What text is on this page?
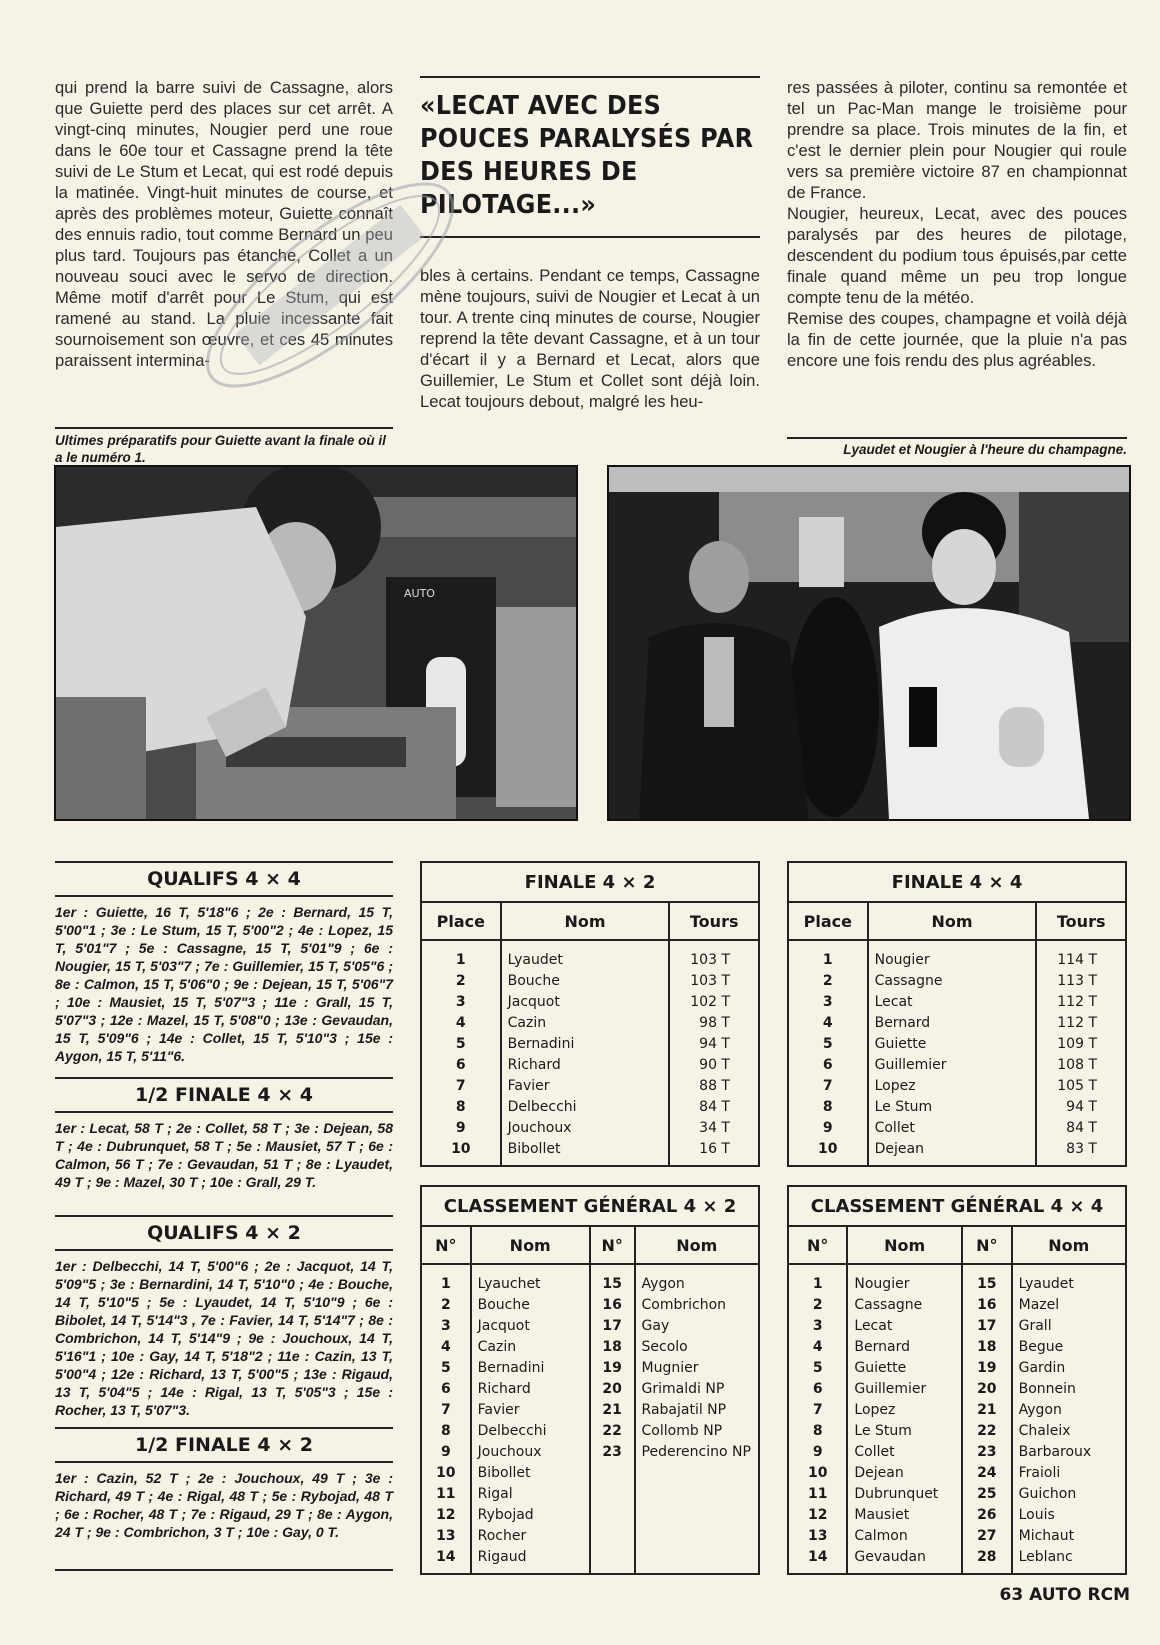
qui prend la barre suivi de Cassagne, alors que Guiette perd des places sur cet arrêt. A vingt-cinq minutes, Nougier perd une roue dans le 60e tour et Cassagne prend la tête suivi de Le Stum et Lecat, qui est rodé depuis la matinée. Vingt-huit minutes de course, et après des problèmes moteur, Guiette connaît des ennuis radio, tout comme Bernard un peu plus tard. Toujours pas étanche, Collet a un nouveau souci avec le servo de direction. Même motif d'arrêt pour Le Stum, qui est ramené au stand. La pluie incessante fait sournoisement son œuvre, et ces 45 minutes paraissent intermina-
«LECAT AVEC DES POUCES PARALYSÉS PAR DES HEURES DE PILOTAGE...»
bles à certains. Pendant ce temps, Cassagne mène toujours, suivi de Nougier et Lecat à un tour. A trente cinq minutes de course, Nougier reprend la tête devant Cassagne, et à un tour d'écart il y a Bernard et Lecat, alors que Guillemier, Le Stum et Collet sont déjà loin. Lecat toujours debout, malgré les heu-

res passées à piloter, continu sa remontée et tel un Pac-Man mange le troisième pour prendre sa place. Trois minutes de la fin, et c'est le dernier plein pour Nougier qui roule vers sa première victoire 87 en championnat de France.

Nougier, heureux, Lecat, avec des pouces paralysés par des heures de pilotage, descendent du podium tous épuisés,par cette finale quand même un peu trop longue compte tenu de la météo.

Remise des coupes, champagne et voilà déjà la fin de cette journée, que la pluie n'a pas encore une fois rendu des plus agréables.

Ultimes préparatifs pour Guiette avant la finale où il a le numéro 1.
Lyaudet et Nougier à l'heure du champagne.
AUTO
QUALIFS 4 × 4
1er : Guiette, 16 T, 5'18"6 ; 2e : Bernard, 15 T, 5'00"1 ; 3e : Le Stum, 15 T, 5'00"2 ; 4e : Lopez, 15 T, 5'01"7 ; 5e : Cassagne, 15 T, 5'01"9 ; 6e : Nougier, 15 T, 5'03"7 ; 7e : Guillemier, 15 T, 5'05"6 ; 8e : Calmon, 15 T, 5'06"0 ; 9e : Dejean, 15 T, 5'06"7 ; 10e : Mausiet, 15 T, 5'07"3 ; 11e : Grall, 15 T, 5'07"3 ; 12e : Mazel, 15 T, 5'08"0 ; 13e : Gevaudan, 15 T, 5'09"6 ; 14e : Collet, 15 T, 5'10"3 ; 15e : Aygon, 15 T, 5'11"6.
1/2 FINALE 4 × 4
1er : Lecat, 58 T ; 2e : Collet, 58 T ; 3e : Dejean, 58 T ; 4e : Dubrunquet, 58 T ; 5e : Mausiet, 57 T ; 6e : Calmon, 56 T ; 7e : Gevaudan, 51 T ; 8e : Lyaudet, 49 T ; 9e : Mazel, 30 T ; 10e : Grall, 29 T.
QUALIFS 4 × 2
1er : Delbecchi, 14 T, 5'00"6 ; 2e : Jacquot, 14 T, 5'09"5 ; 3e : Bernardini, 14 T, 5'10"0 ; 4e : Bouche, 14 T, 5'10"5 ; 5e : Lyaudet, 14 T, 5'10"9 ; 6e : Bibolet, 14 T, 5'14"3 , 7e : Favier, 14 T, 5'14"7 ; 8e : Combrichon, 14 T, 5'14"9 ; 9e : Jouchoux, 14 T, 5'16"1 ; 10e : Gay, 14 T, 5'18"2 ; 11e : Cazin, 13 T, 5'00"4 ; 12e : Richard, 13 T, 5'00"5 ; 13e : Rigaud, 13 T, 5'04"5 ; 14e : Rigal, 13 T, 5'05"3 ; 15e : Rocher, 13 T, 5'07"3.
1/2 FINALE 4 × 2
1er : Cazin, 52 T ; 2e : Jouchoux, 49 T ; 3e : Richard, 49 T ; 4e : Rigal, 48 T ; 5e : Rybojad, 48 T ; 6e : Rocher, 48 T ; 7e : Rigaud, 29 T ; 8e : Aygon, 24 T ; 9e : Combrichon, 3 T ; 10e : Gay, 0 T.
FINALE 4 × 2		
Place	Nom	Tours
1	Lyaudet	103 T
2	Bouche	103 T
3	Jacquot	102 T
4	Cazin	98 T
5	Bernadini	94 T
6	Richard	90 T
7	Favier	88 T
8	Delbecchi	84 T
9	Jouchoux	34 T
10	Bibollet	16 T
FINALE 4 × 4		
Place	Nom	Tours
1	Nougier	114 T
2	Cassagne	113 T
3	Lecat	112 T
4	Bernard	112 T
5	Guiette	109 T
6	Guillemier	108 T
7	Lopez	105 T
8	Le Stum	94 T
9	Collet	84 T
10	Dejean	83 T
CLASSEMENT GÉNÉRAL 4 × 2			
N°	Nom	N°	Nom
1	Lyauchet	15	Aygon
2	Bouche	16	Combrichon
3	Jacquot	17	Gay
4	Cazin	18	Secolo
5	Bernadini	19	Mugnier
6	Richard	20	Grimaldi NP
7	Favier	21	Rabajatil NP
8	Delbecchi	22	Collomb NP
9	Jouchoux	23	Pederencino NP
10	Bibollet		
11	Rigal		
12	Rybojad		
13	Rocher		
14	Rigaud		
CLASSEMENT GÉNÉRAL 4 × 4			
N°	Nom	N°	Nom
1	Nougier	15	Lyaudet
2	Cassagne	16	Mazel
3	Lecat	17	Grall
4	Bernard	18	Begue
5	Guiette	19	Gardin
6	Guillemier	20	Bonnein
7	Lopez	21	Aygon
8	Le Stum	22	Chaleix
9	Collet	23	Barbaroux
10	Dejean	24	Fraioli
11	Dubrunquet	25	Guichon
12	Mausiet	26	Louis
13	Calmon	27	Michaut
14	Gevaudan	28	Leblanc
63 AUTO RCM
